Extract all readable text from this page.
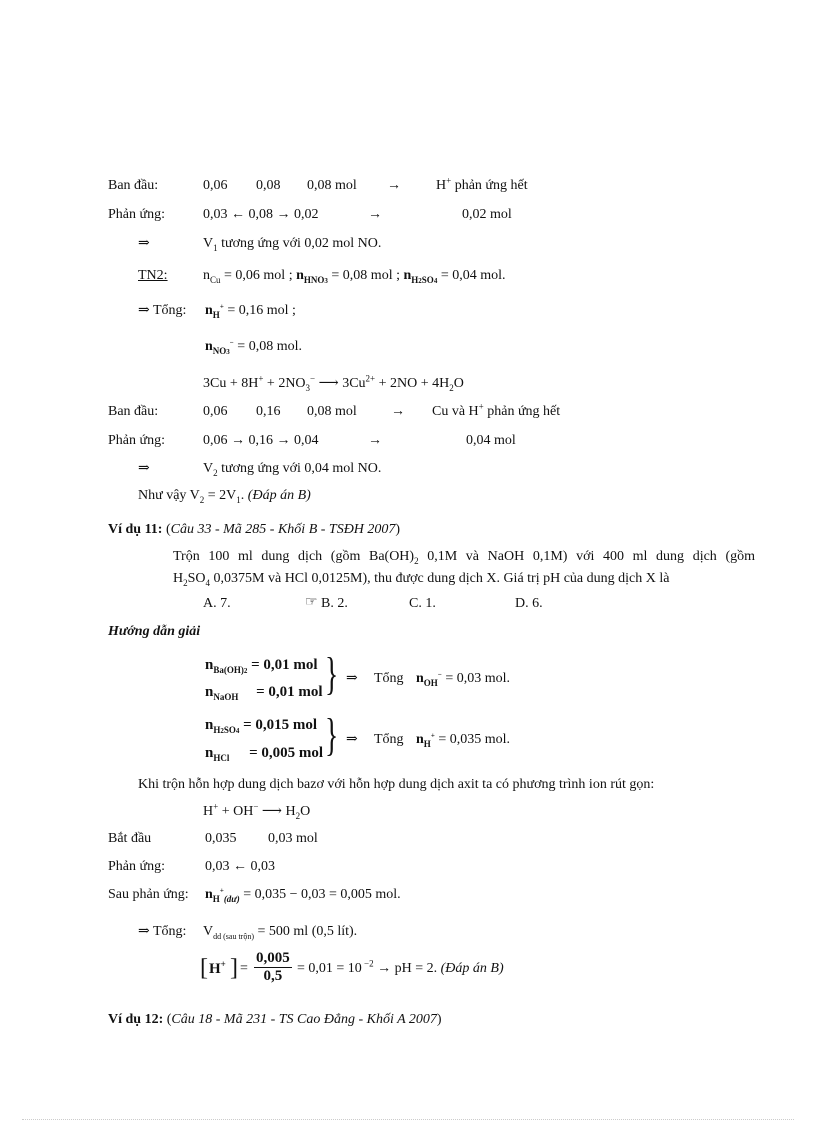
Ban đầu:	0,06 0,08 0,08 mol →	H+ phản ứng hết
Phản ứng:	0,03 ← 0,08 → 0,02	→	0,02 mol
⇒	$V_1$ tương ứng với 0,02 mol NO.
TN2:	$n_{Cu} = 0,06$ mol ; $n_{HNO3} = 0,08$ mol ; $n_{H2SO4} = 0,04$ mol.
⇒ Tổng: $n_H^+ = 0,16$ mol ;
$n_{NO3}^- = 0,08$ mol.
$3Cu + 8H^+ + 2NO_3^-$ ⟶ $3Cu^{2+} + 2NO + 4H_2O$
Ban đầu:	0,06 0,16 0,08 mol → Cu và H+ phản ứng hết
Phản ứng:	0,06 → 0,16 → 0,04	→	0,04 mol
⇒	$V_2$ tương ứng với 0,04 mol NO.
Như vậy $V_2 = 2V_1$. (Đáp án B)
Ví dụ 11: (Câu 33 - Mã 285 - Khối B - TSĐH 2007)
Trộn 100 ml dung dịch (gồm $Ba(OH)_2$ 0,1M và NaOH 0,1M) với 400 ml dung dịch (gồm
$H_2SO_4$ 0,0375M và HCl 0,0125M), thu được dung dịch X. Giá trị pH của dung dịch X là
A. 7.	☞ B. 2.	C. 1.	D. 6.
Hướng dẫn giải
$n_{Ba(OH)2} = 0,01$ mol
$n_{NaOH} = 0,01$ mol } ⇒ Tổng $n_{OH}^- = 0,03$ mol.
$n_{H2SO4} = 0,015$ mol
$n_{HCl} = 0,005$ mol } ⇒ Tổng $n_H^+ = 0,035$ mol.
Khi trộn hỗn hợp dung dịch bazơ với hỗn hợp dung dịch axit ta có phương trình ion rút gọn:
H+ + OH− ⟶ $H_2O$
Bắt đầu	0,035 0,03 mol
Phản ứng:	0,03 ← 0,03
Sau phản ứng: $n_H^+_{(dư)} = 0,035 - 0,03 = 0,005$ mol.
⇒ Tổng: $V_{dd (sau trộn)} = 500$ ml (0,5 lít).
[ H+ ] = $\frac{0,005}{0,5} = 0,01 = 10$ $^{-2}$ → pH = 2. (Đáp án B)
Ví dụ 12: (Câu 18 - Mã 231 - TS Cao Đẳng - Khối A 2007)
